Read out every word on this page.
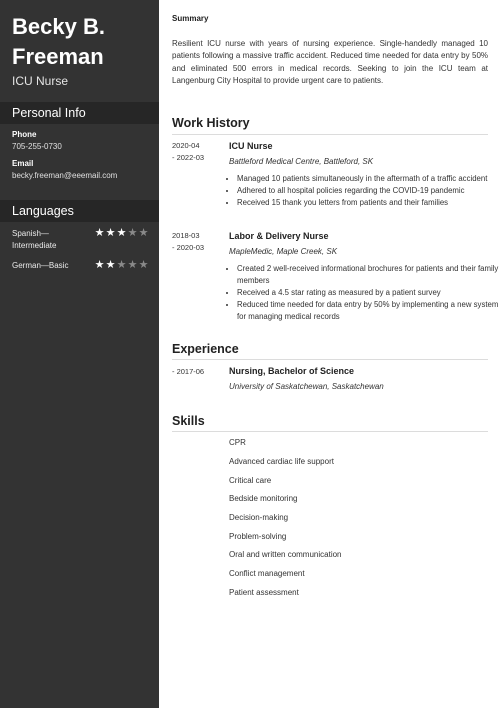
Becky B.
Freeman
ICU Nurse
Personal Info
Phone
705-255-0730
Email
becky.freeman@eeemail.com
Languages
Spanish—Intermediate
★ ★ ★ ★ ★
German—Basic	★ ★ ★ ★ ★
Summary
Resilient ICU nurse with years of nursing experience. Single-handedly managed 10 patients following a massive traffic accident. Reduced time needed for data entry by 50% and eliminated 500 errors in medical records. Seeking to join the ICU team at Langenburg City Hospital to provide urgent care to patients.
Work History
2020-04
- 2022-03
ICU Nurse
Battleford Medical Centre, Battleford, SK
• Managed 10 patients simultaneously in the aftermath of a traffic accident
• Adhered to all hospital policies regarding the COVID-19 pandemic
• Received 15 thank you letters from patients and their families
2018-03
- 2020-03
Labor & Delivery Nurse
MapleMedic, Maple Creek, SK
• Created 2 well-received informational brochures for patients and their family members
• Received a 4.5 star rating as measured by a patient survey
• Reduced time needed for data entry by 50% by implementing a new system for managing medical records
Experience
- 2017-06	Nursing, Bachelor of Science
University of Saskatchewan, Saskatchewan
Skills
CPR
Advanced cardiac life support
Critical care
Bedside monitoring
Decision-making
Problem-solving
Oral and written communication
Conflict management
Patient assessment
